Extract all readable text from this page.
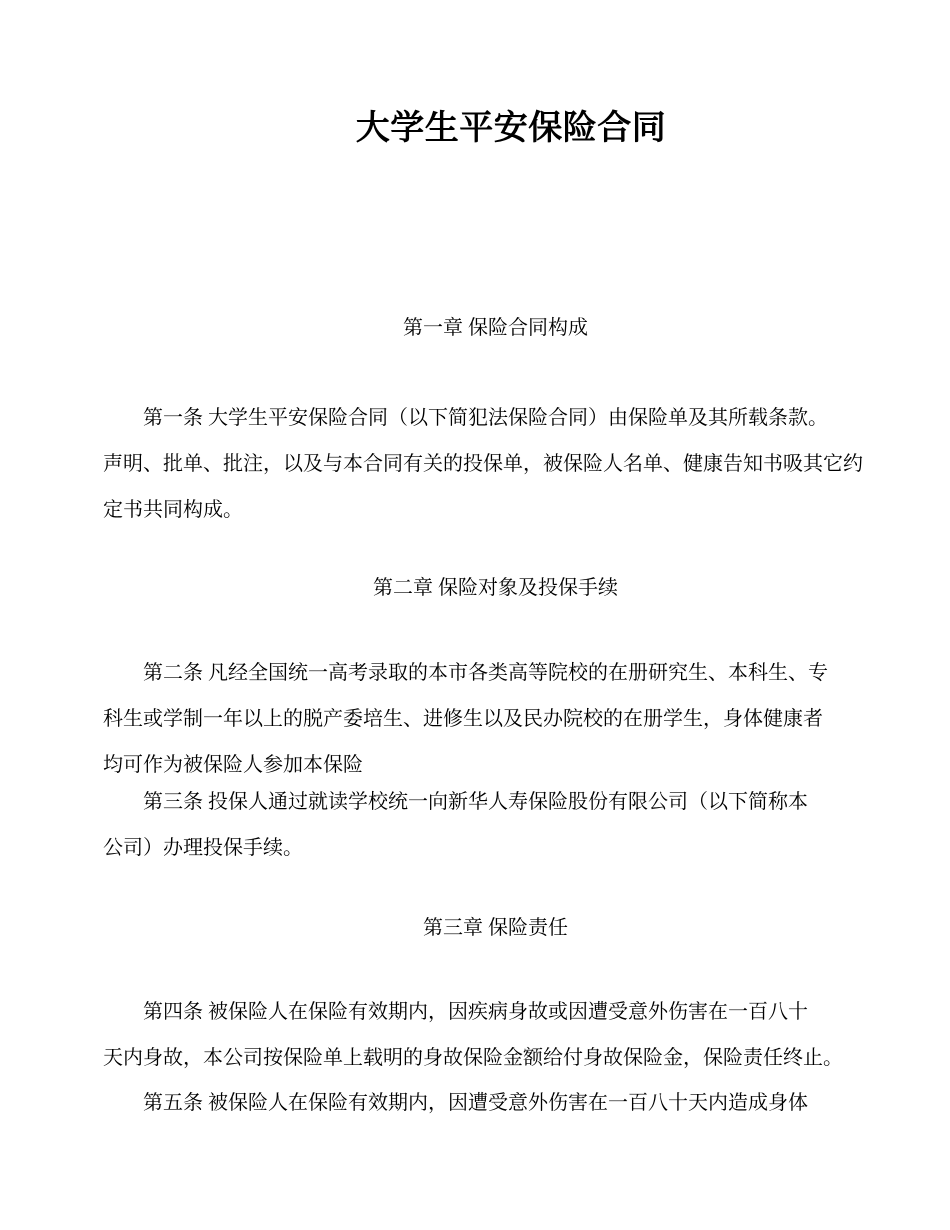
大学生平安保险合同
第一章 保险合同构成
第一条 大学生平安保险合同（以下简犯法保险合同）由保险单及其所载条款。
声明、批单、批注，以及与本合同有关的投保单，被保险人名单、健康告知书吸其它约
定书共同构成。
第二章 保险对象及投保手续
第二条 凡经全国统一高考录取的本市各类高等院校的在册研究生、本科生、专
科生或学制一年以上的脱产委培生、进修生以及民办院校的在册学生，身体健康者
均可作为被保险人参加本保险
第三条 投保人通过就读学校统一向新华人寿保险股份有限公司（以下简称本
公司）办理投保手续。
第三章 保险责任
第四条 被保险人在保险有效期内，因疾病身故或因遭受意外伤害在一百八十
天内身故，本公司按保险单上载明的身故保险金额给付身故保险金，保险责任终止。
第五条 被保险人在保险有效期内，因遭受意外伤害在一百八十天内造成身体
